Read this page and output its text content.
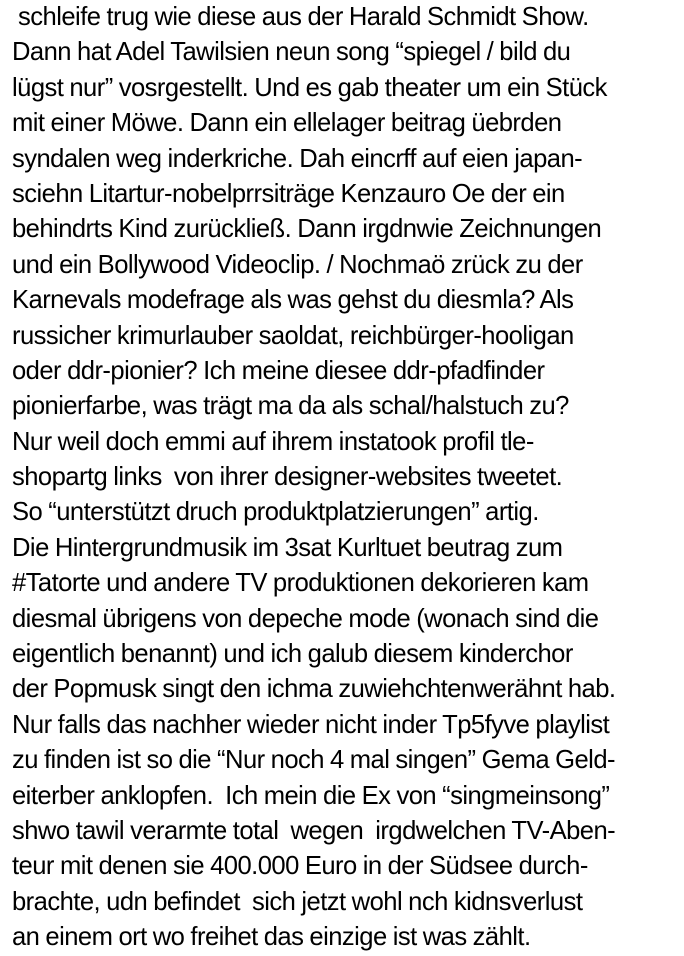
schleife trug wie diese aus der Harald Schmidt Show.
Dann hat Adel Tawilsien neun song “spiegel / bild du
lügst nur” vosrgestellt. Und es gab theater um ein Stück
mit einer Möwe. Dann ein ellelager beitrag üebrden
syndalen weg inderkriche. Dah eincrff auf eien japan-
sciehn Litartur-nobelprrsiträge Kenzauro Oe der ein
behindrts Kind zurückließ. Dann irgdnwie Zeichnungen
und ein Bollywood Videoclip. / Nochmaö zrück zu der
Karnevals modefrage als was gehst du diesmla? Als
russicher krimurlauber saoldat, reichbürger-hooligan
oder ddr-pionier? Ich meine diesee ddr-pfadfinder
pionierfarbe, was trägt ma da als schal/halstuch zu?
Nur weil doch emmi auf ihrem instatook profil tle-
shopartg links  von ihrer designer-websites tweetet.
So “unterstützt druch produktplatzierungen” artig.
Die Hintergrundmusik im 3sat Kurltuet beutrag zum
#Tatorte und andere TV produktionen dekorieren kam
diesmal übrigens von depeche mode (wonach sind die
eigentlich benannt) und ich galub diesem kinderchor
der Popmusk singt den ichma zuwiehchtenwerähnt hab.
Nur falls das nachher wieder nicht inder Tp5fyve playlist
zu finden ist so die “Nur noch 4 mal singen” Gema Geld-
eiterber anklopfen.  Ich mein die Ex von “singmeinsong”
shwo tawil verarmte total  wegen  irgdwelchen TV-Aben-
teur mit denen sie 400.000 Euro in der Südsee durch-
brachte, udn befindet  sich jetzt wohl nch kidnsverlust
an einem ort wo freihet das einzige ist was zählt.
